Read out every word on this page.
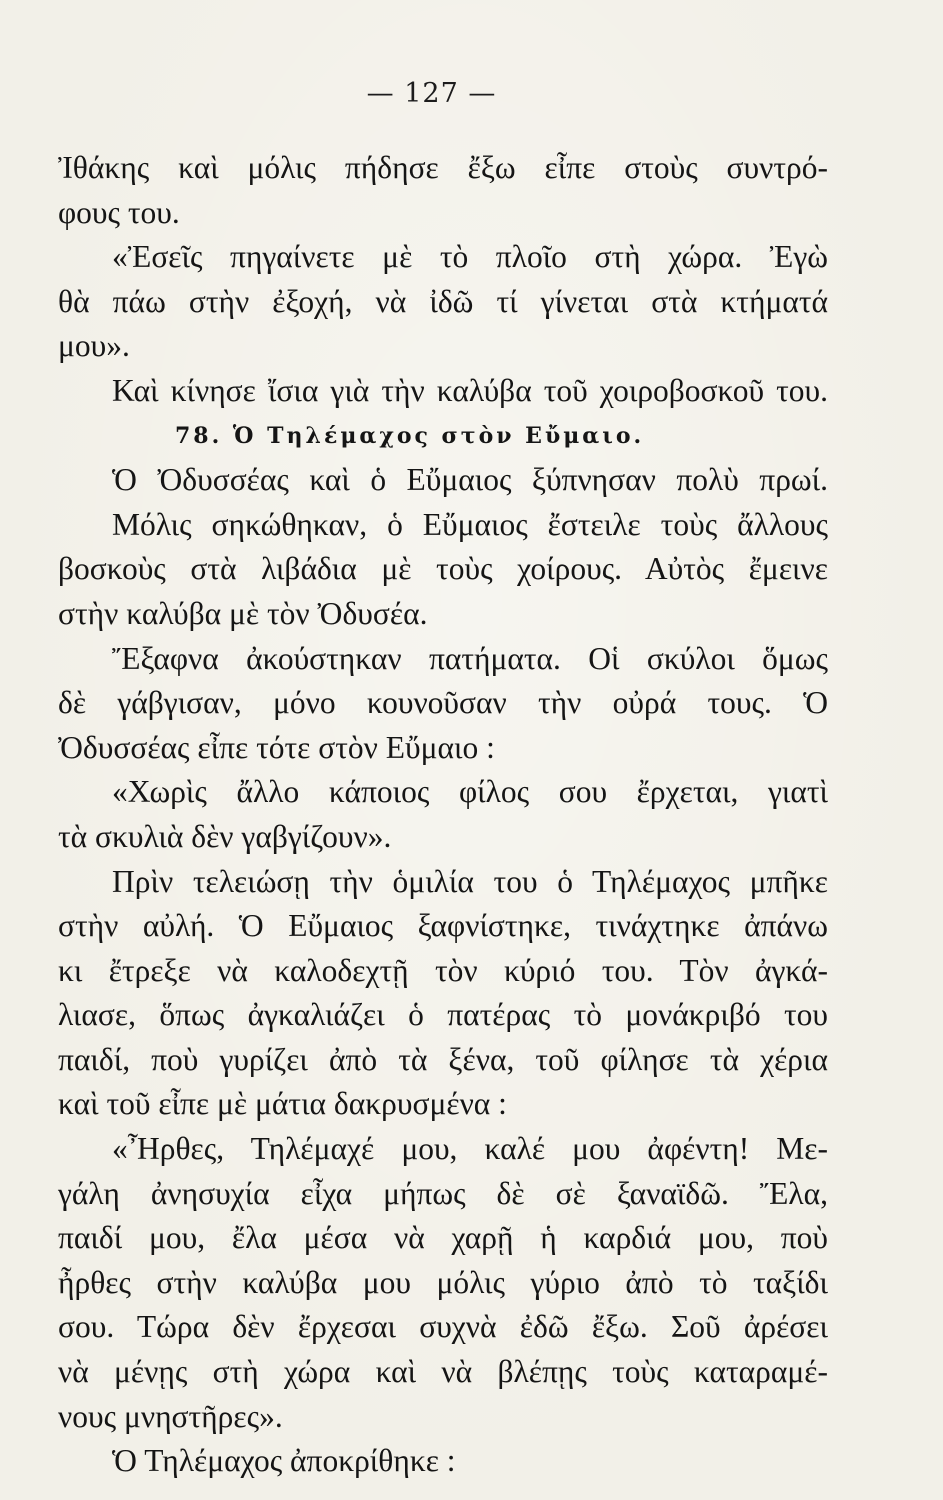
— 127 —
Ἰθάκης καὶ μόλις πήδησε ἔξω εἶπε στοὺς συντρό-
φους του.
«Ἐσεῖς πηγαίνετε μὲ τὸ πλοῖο στὴ χώρα. Ἐγὼ
θὰ πάω στὴν ἐξοχή, νὰ ἰδῶ τί γίνεται στὰ κτήματά
μου».
Καὶ κίνησε ἴσια γιὰ τὴν καλύβα τοῦ χοιροβοσκοῦ του.
78. Ὁ Τηλέμαχος στὸν Εὔμαιο.
Ὁ Ὀδυσσέας καὶ ὁ Εὔμαιος ξύπνησαν πολὺ πρωί.
Μόλις σηκώθηκαν, ὁ Εὔμαιος ἔστειλε τοὺς ἄλλους
βοσκοὺς στὰ λιβάδια μὲ τοὺς χοίρους. Αὐτὸς ἔμεινε
στὴν καλύβα μὲ τὸν Ὀδυσέα.
Ἔξαφνα ἀκούστηκαν πατήματα. Οἱ σκύλοι ὅμως
δὲ γάβγισαν, μόνο κουνοῦσαν τὴν οὐρά τους. Ὁ
Ὀδυσσέας εἶπε τότε στὸν Εὔμαιο :
«Χωρὶς ἄλλο κάποιος φίλος σου ἔρχεται, γιατὶ
τὰ σκυλιὰ δὲν γαβγίζουν».
Πρὶν τελειώσῃ τὴν ὁμιλία του ὁ Τηλέμαχος μπῆκε
στὴν αὐλή. Ὁ Εὔμαιος ξαφνίστηκε, τινάχτηκε ἀπάνω
κι ἔτρεξε νὰ καλοδεχτῇ τὸν κύριό του. Τὸν ἀγκά-
λιασε, ὅπως ἀγκαλιάζει ὁ πατέρας τὸ μονάκριβό του
παιδί, ποὺ γυρίζει ἀπὸ τὰ ξένα, τοῦ φίλησε τὰ χέρια
καὶ τοῦ εἶπε μὲ μάτια δακρυσμένα :
«Ἦρθες, Τηλέμαχέ μου, καλέ μου ἀφέντη! Με-
γάλη ἀνησυχία εἶχα μήπως δὲ σὲ ξαναϊδῶ. Ἔλα,
παιδί μου, ἔλα μέσα νὰ χαρῇ ἡ καρδιά μου, ποὺ
ἦρθες στὴν καλύβα μου μόλις γύριο ἀπὸ τὸ ταξίδι
σου. Τώρα δὲν ἔρχεσαι συχνὰ ἐδῶ ἔξω. Σοῦ ἀρέσει
νὰ μένῃς στὴ χώρα καὶ νὰ βλέπῃς τοὺς καταραμέ-
νους μνηστῆρες».
Ὁ Τηλέμαχος ἀποκρίθηκε :
